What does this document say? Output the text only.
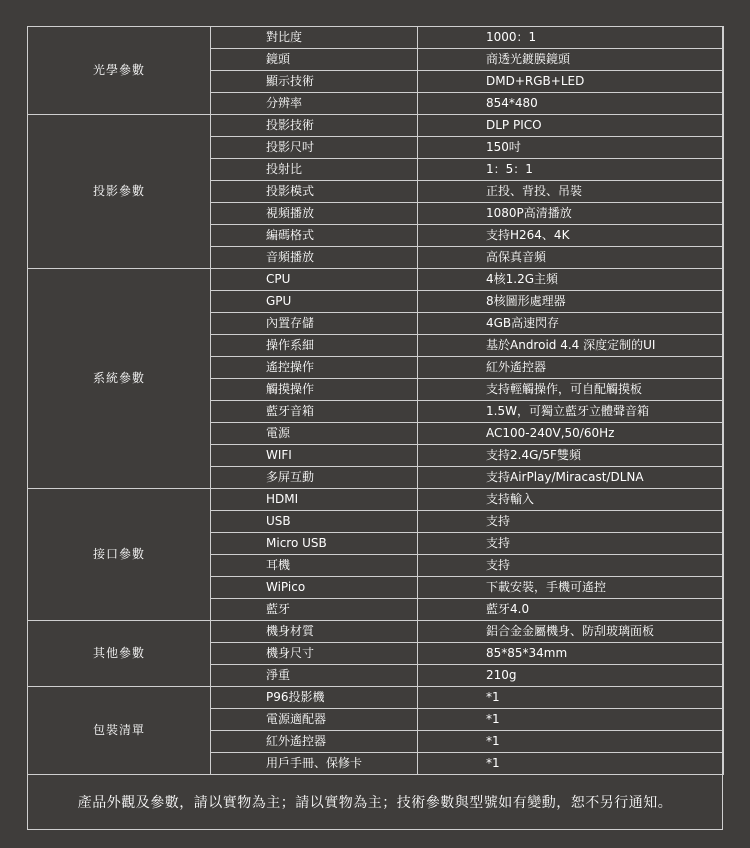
光學參數	對比度	1000：1
	鏡頭	商透光鍍膜鏡頭
	顯示技術	DMD+RGB+LED
	分辨率	854*480
投影參數	投影技術	DLP PICO
	投影尺吋	150吋
	投射比	1：5：1
	投影模式	正投、背投、吊裝
	視頻播放	1080P高清播放
	編碼格式	支持H264、4K
	音頻播放	高保真音頻
系統參數	CPU	4核1.2G主頻
	GPU	8核圖形處理器
	內置存儲	4GB高速閃存
	操作系細	基於Android 4.4 深度定制的UI
	遙控操作	紅外遙控器
	觸摸操作	支持輕觸操作，可自配觸摸板
	藍牙音箱	1.5W，可獨立藍牙立體聲音箱
	電源	AC100-240V,50/60Hz
	WIFI	支持2.4G/5F雙頻
	多屏互動	支持AirPlay/Miracast/DLNA
接口參數	HDMI	支持輸入
	USB	支持
	Micro USB	支持
	耳機	支持
	WiPico	下載安裝，手機可遙控
	藍牙	藍牙4.0
其他參數	機身材質	鋁合金金屬機身、防刮玻璃面板
	機身尺寸	85*85*34mm
	淨重	210g
包裝清單	P96投影機	*1
	電源適配器	*1
	紅外遙控器	*1
	用戶手冊、保修卡	*1
產品外觀及參數，請以實物為主；請以實物為主；技術參數與型號如有變動，恕不另行通知。
